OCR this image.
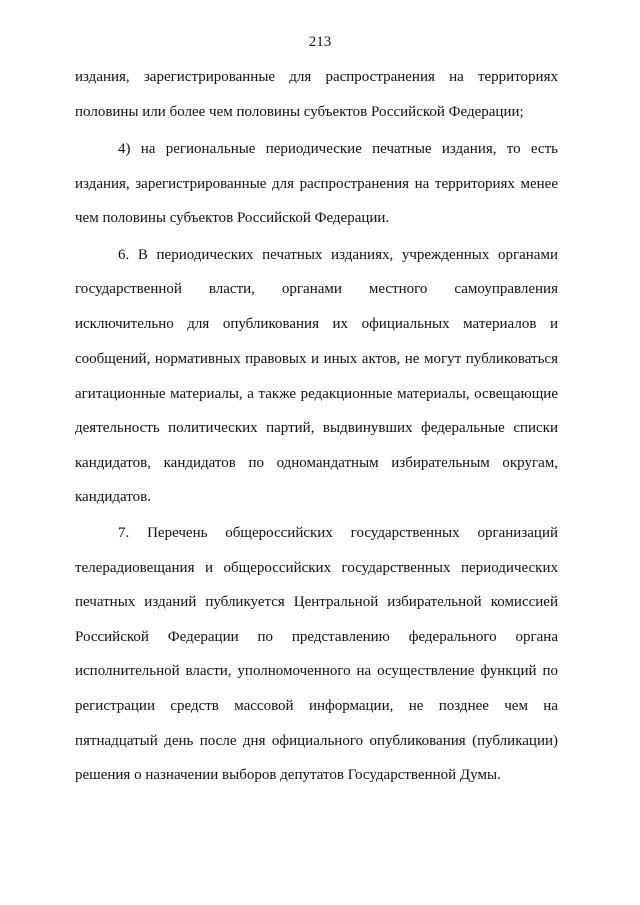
213
издания, зарегистрированные для распространения на территориях
половины или более чем половины субъектов Российской Федерации;
4) на региональные периодические печатные издания, то есть
издания, зарегистрированные для распространения на территориях менее
чем половины субъектов Российской Федерации.
6. В периодических печатных изданиях, учрежденных органами
государственной власти, органами местного самоуправления
исключительно для опубликования их официальных материалов и
сообщений, нормативных правовых и иных актов, не могут публиковаться
агитационные материалы, а также редакционные материалы, освещающие
деятельность политических партий, выдвинувших федеральные списки
кандидатов, кандидатов по одномандатным избирательным округам,
кандидатов.
7. Перечень общероссийских государственных организаций
телерадиовещания и общероссийских государственных периодических
печатных изданий публикуется Центральной избирательной комиссией
Российской Федерации по представлению федерального органа
исполнительной власти, уполномоченного на осуществление функций по
регистрации средств массовой информации, не позднее чем на
пятнадцатый день после дня официального опубликования (публикации)
решения о назначении выборов депутатов Государственной Думы.
